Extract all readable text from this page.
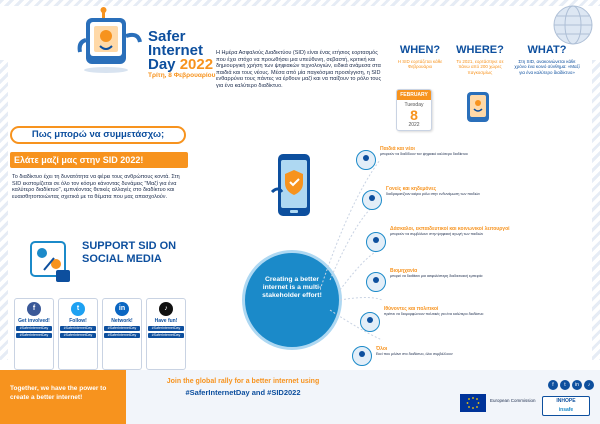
Safer
Internet
Day 2022
Τρίτη, 8 Φεβρουαρίου
Η Ημέρα Ασφαλούς Διαδικτύου (SID) είναι ένας ετήσιος εορτασμός που έχει στόχο να προωθήσει μια υπεύθυνη, σεβαστή, κριτική και δημιουργική χρήση των ψηφιακών τεχνολογιών, ειδικά ανάμεσα στα παιδιά και τους νέους. Μέσα από μία παγκόσμια προσέγγιση, η SID ενθαρρύνει τους πάντες να έρθουν μαζί και να παίξουν το ρόλο τους για ένα καλύτερο διαδίκτυο.
WHEN?
Η SID εορτάζεται κάθε Φεβρουάριο
WHERE?
Το 2021, εορτάστηκε σε πάνω από 200 χώρες παγκοσμίως
WHAT?
Στη SID, ανακοινώνεται κάθε χρόνο ένα κοινό σύνθημα: «Μαζί για ένα καλύτερο διαδίκτυο»
FEBRUARY
Tuesday
8
2022
Πως μπορώ να συμμετάσχω;
Ελάτε μαζί μας στην SID 2022!
Το διαδίκτυο έχει τη δυνατότητα να φέρει τους ανθρώπους κοντά. Στη SID εκστομίζεται σε όλο τον κόσμο κάνοντας δυνάμεις "Μαζί για ένα καλύτερο διαδίκτυο", εμπνέοντας θετικές αλλαγές στο διαδίκτυο και ευαισθητοποιώντας σχετικά με τα θέματα που μας απασχολούν.
SUPPORT SID ON SOCIAL MEDIA
f
Get involved!
#SaferInternetDay
#SaferInternetDay
t
Follow!
#SaferInternetDay
#SaferInternetDay
in
Network!
#SaferInternetDay
#SaferInternetDay
♪
Have fun!
#SaferInternetDay
#SaferInternetDay
Creating a better internet is a multi-stakeholder effort!
Παιδιά και νέοι
μπορούν να διαδίδουν τον ψηφιακό καλύτερο διαδίκτυο
Γονείς και κηδεμόνες
διαδραματίζουν καίριο ρόλο στην ενδυνάμωση των παιδιών
Δάσκαλοι, εκπαιδευτικοί και κοινωνικοί λειτουργοί
μπορούν να συμβάλουν στην ψηφιακή αγωγή των παιδιών
Βιομηχανία
μπορεί να διαθέσει μια ασφαλέστερη διαδικτυακή εμπειρία
Ιθύνοντες και πολιτικοί
πρέπει να διαμορφώνουν πολιτικές για ένα καλύτερο διαδίκτυο
Όλοι
Εκεί που μιλάνε στο διαδίκτυο, όλοι συμβάλλουν
Together, we have the power to create a better internet!
Join the global rally for a better internet using
#SaferInternetDay and #SID2022
f	t	in	♪
European Commission	INHOPE
insafe
